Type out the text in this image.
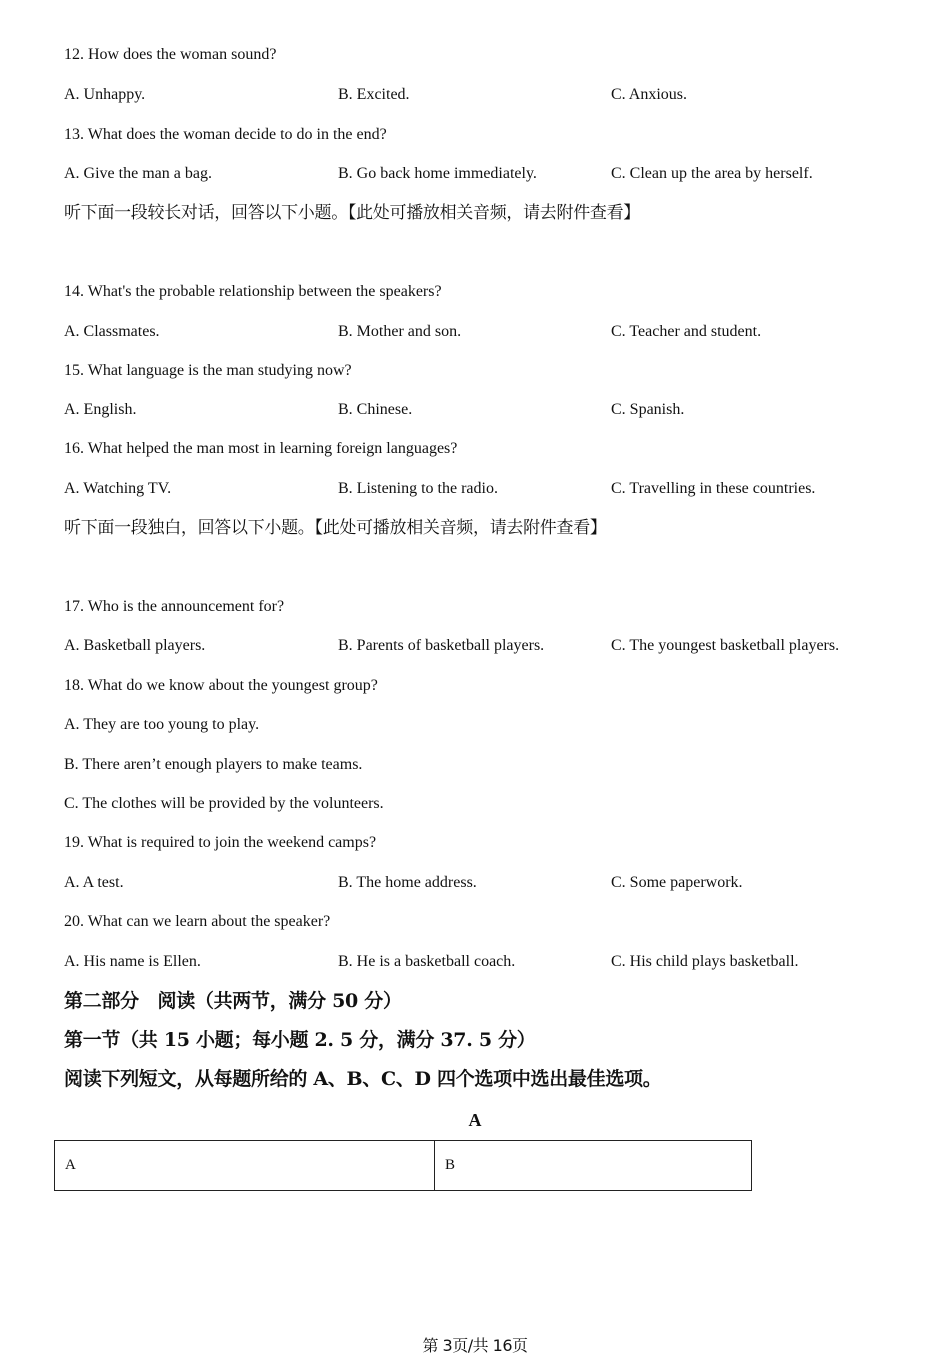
12. How does the woman sound?
A. Unhappy.	B. Excited.	C. Anxious.
13. What does the woman decide to do in the end?
A. Give the man a bag.	B. Go back home immediately.	C. Clean up the area by herself.
听下面一段较长对话，回答以下小题。【此处可播放相关音频，请去附件查看】
14. What's the probable relationship between the speakers?
A. Classmates.	B. Mother and son.	C. Teacher and student.
15. What language is the man studying now?
A. English.	B. Chinese.	C. Spanish.
16. What helped the man most in learning foreign languages?
A. Watching TV.	B. Listening to the radio.	C. Travelling in these countries.
听下面一段独白，回答以下小题。【此处可播放相关音频，请去附件查看】
17. Who is the announcement for?
A. Basketball players.	B. Parents of basketball players.	C. The youngest basketball players.
18. What do we know about the youngest group?
A. They are too young to play.
B. There aren’t enough players to make teams.
C. The clothes will be provided by the volunteers.
19. What is required to join the weekend camps?
A. A test.	B. The home address.	C. Some paperwork.
20. What can we learn about the speaker?
A. His name is Ellen.	B. He is a basketball coach.	C. His child plays basketball.
第二部分　阅读（共两节，满分 50 分）
第一节（共 15 小题；每小题 2. 5 分，满分 37. 5 分）
阅读下列短文，从每题所给的 A、B、C、D 四个选项中选出最佳选项。
A
A	B
第 3页/共 16页
